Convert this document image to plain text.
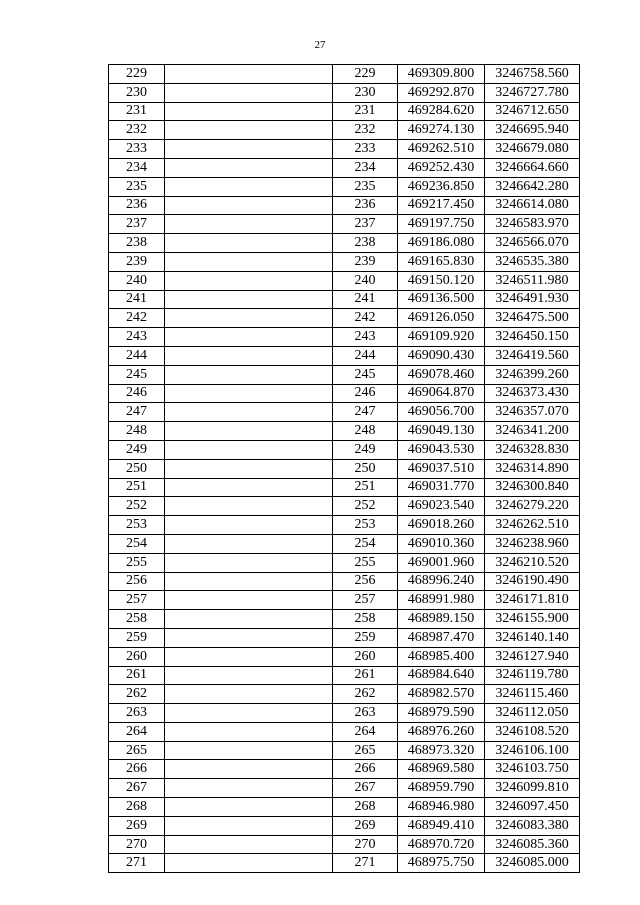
27
229		229	469309.800	3246758.560
230		230	469292.870	3246727.780
231		231	469284.620	3246712.650
232		232	469274.130	3246695.940
233		233	469262.510	3246679.080
234		234	469252.430	3246664.660
235		235	469236.850	3246642.280
236		236	469217.450	3246614.080
237		237	469197.750	3246583.970
238		238	469186.080	3246566.070
239		239	469165.830	3246535.380
240		240	469150.120	3246511.980
241		241	469136.500	3246491.930
242		242	469126.050	3246475.500
243		243	469109.920	3246450.150
244		244	469090.430	3246419.560
245		245	469078.460	3246399.260
246		246	469064.870	3246373.430
247		247	469056.700	3246357.070
248		248	469049.130	3246341.200
249		249	469043.530	3246328.830
250		250	469037.510	3246314.890
251		251	469031.770	3246300.840
252		252	469023.540	3246279.220
253		253	469018.260	3246262.510
254		254	469010.360	3246238.960
255		255	469001.960	3246210.520
256		256	468996.240	3246190.490
257		257	468991.980	3246171.810
258		258	468989.150	3246155.900
259		259	468987.470	3246140.140
260		260	468985.400	3246127.940
261		261	468984.640	3246119.780
262		262	468982.570	3246115.460
263		263	468979.590	3246112.050
264		264	468976.260	3246108.520
265		265	468973.320	3246106.100
266		266	468969.580	3246103.750
267		267	468959.790	3246099.810
268		268	468946.980	3246097.450
269		269	468949.410	3246083.380
270		270	468970.720	3246085.360
271		271	468975.750	3246085.000
